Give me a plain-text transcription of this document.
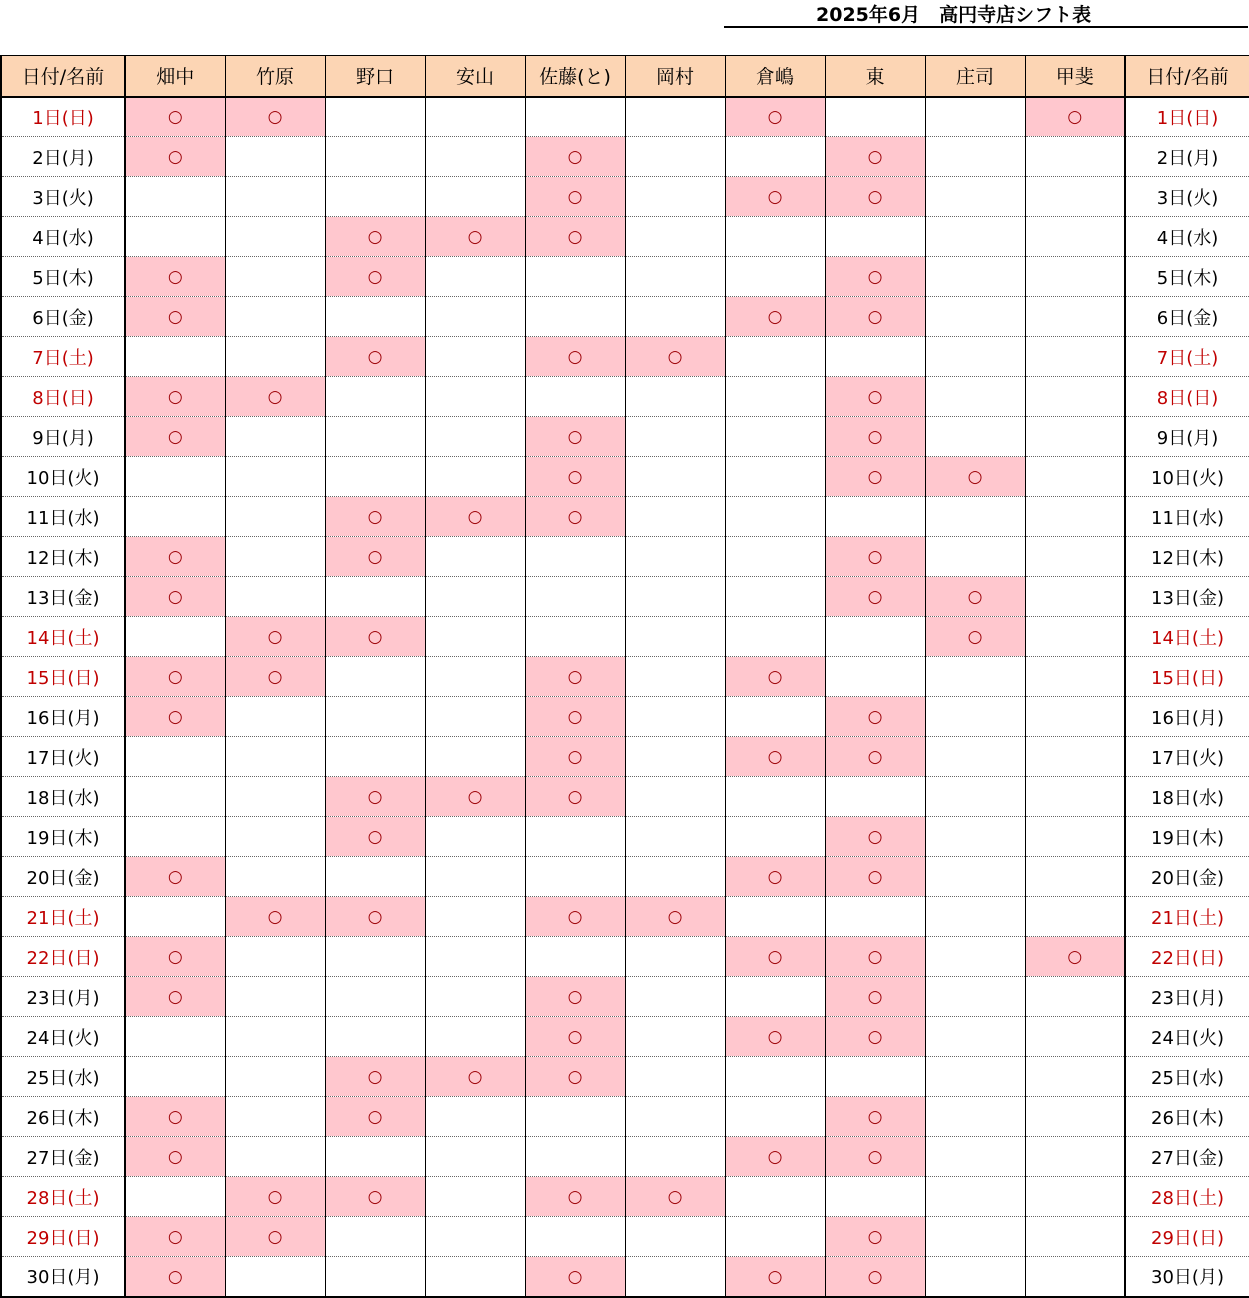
2025年6月　高円寺店シフト表
日付/名前	畑中	竹原	野口	安山	佐藤(と)	岡村	倉嶋	東	庄司	甲斐	日付/名前
1日(日)	○	○					○			○	1日(日)
2日(月)	○				○			○			2日(月)
3日(火)					○		○	○			3日(火)
4日(水)			○	○	○						4日(水)
5日(木)	○		○					○			5日(木)
6日(金)	○						○	○			6日(金)
7日(土)			○		○	○					7日(土)
8日(日)	○	○						○			8日(日)
9日(月)	○				○			○			9日(月)
10日(火)					○			○	○		10日(火)
11日(水)			○	○	○						11日(水)
12日(木)	○		○					○			12日(木)
13日(金)	○							○	○		13日(金)
14日(土)		○	○						○		14日(土)
15日(日)	○	○			○		○				15日(日)
16日(月)	○				○			○			16日(月)
17日(火)					○		○	○			17日(火)
18日(水)			○	○	○						18日(水)
19日(木)			○					○			19日(木)
20日(金)	○						○	○			20日(金)
21日(土)		○	○		○	○					21日(土)
22日(日)	○						○	○		○	22日(日)
23日(月)	○				○			○			23日(月)
24日(火)					○		○	○			24日(火)
25日(水)			○	○	○						25日(水)
26日(木)	○		○					○			26日(木)
27日(金)	○						○	○			27日(金)
28日(土)		○	○		○	○					28日(土)
29日(日)	○	○						○			29日(日)
30日(月)	○				○		○	○			30日(月)
